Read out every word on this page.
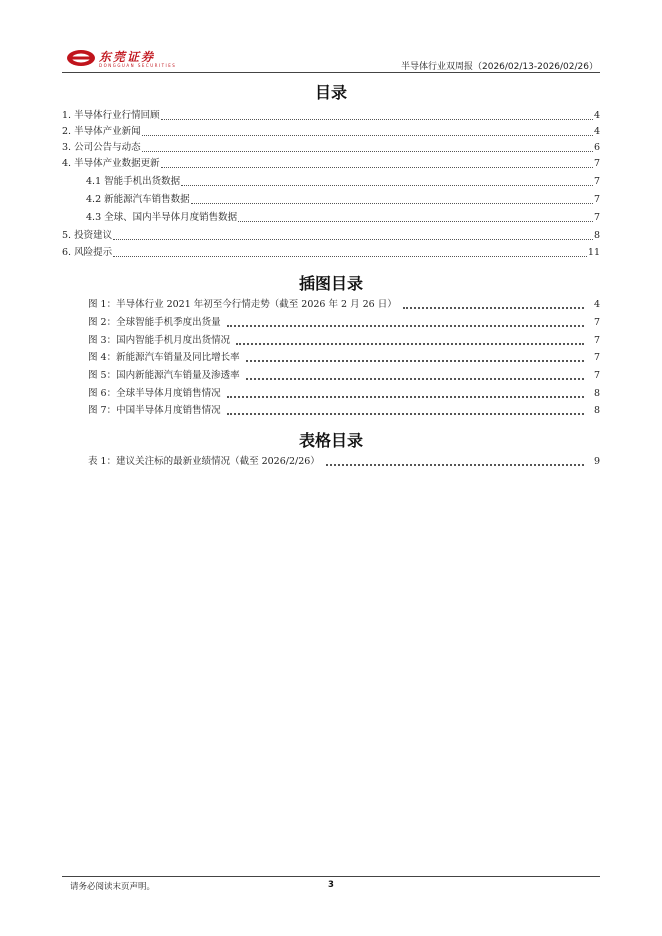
东莞证券
DONGGUAN SECURITIES	半导体行业双周报（2026/02/13-2026/02/26）
目录
1. 半导体行业行情回顾	4
2. 半导体产业新闻	4
3. 公司公告与动态	6
4. 半导体产业数据更新	7
4.1 智能手机出货数据	7
4.2 新能源汽车销售数据	7
4.3 全球、国内半导体月度销售数据	7
5. 投资建议	8
6. 风险提示	11
插图目录
图 1：半导体行业 2021 年初至今行情走势（截至 2026 年 2 月 26 日）	4
图 2：全球智能手机季度出货量	7
图 3：国内智能手机月度出货情况	7
图 4：新能源汽车销量及同比增长率	7
图 5：国内新能源汽车销量及渗透率	7
图 6：全球半导体月度销售情况	8
图 7：中国半导体月度销售情况	8
表格目录
表 1：建议关注标的最新业绩情况（截至 2026/2/26）	9
请务必阅读末页声明。	3
